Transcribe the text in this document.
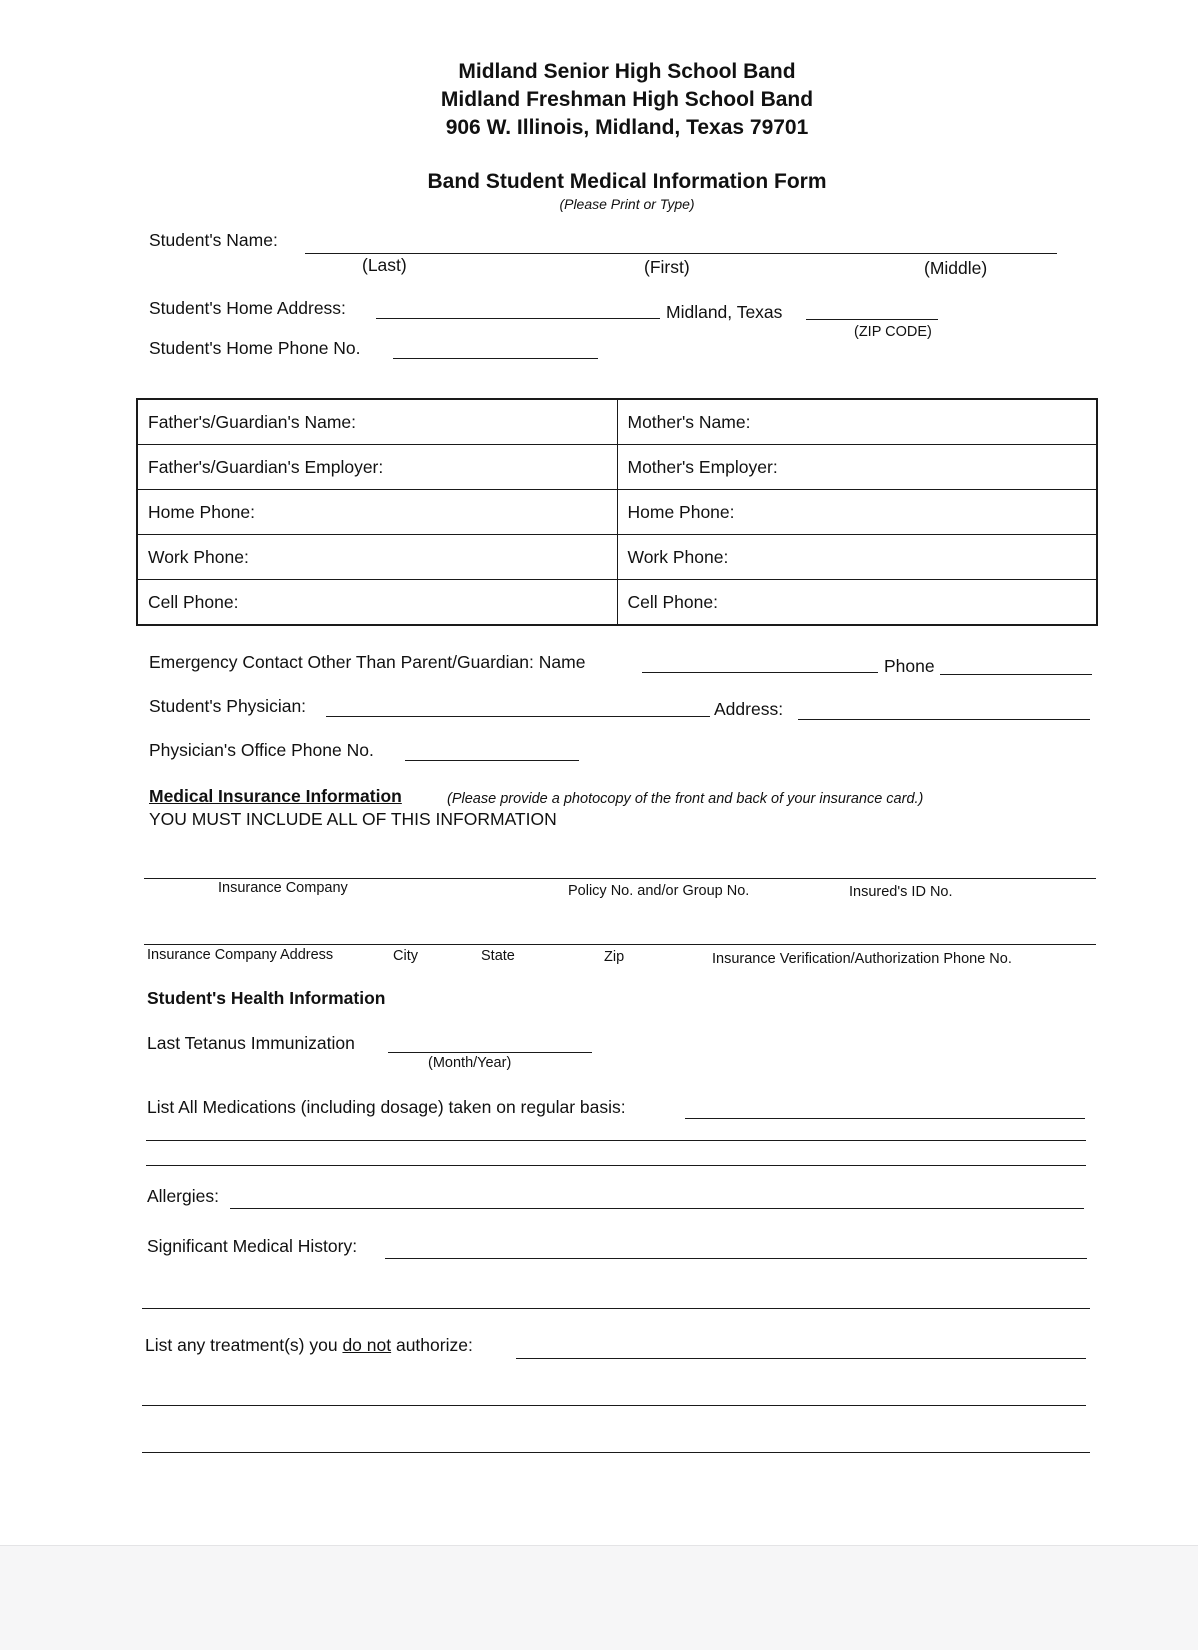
Midland Senior High School Band
Midland Freshman High School Band
906 W. Illinois, Midland, Texas 79701
Band Student Medical Information Form
(Please Print or Type)
Student's Name:
(Last)	(First)	(Middle)
Student's Home Address:	Midland, Texas
(ZIP CODE)
Student's Home Phone No.
Father's/Guardian's Name:	Mother's Name:
Father's/Guardian's Employer:	Mother's Employer:
Home Phone:	Home Phone:
Work Phone:	Work Phone:
Cell Phone:	Cell Phone:
Emergency Contact Other Than Parent/Guardian: Name	Phone
Student's Physician:	Address:
Physician's Office Phone No.
Medical Insurance Information	(Please provide a photocopy of the front and back of your insurance card.)
YOU MUST INCLUDE ALL OF THIS INFORMATION
Insurance Company	Policy No. and/or Group No.	Insured's ID No.
Insurance Company Address	City	State	Zip	Insurance Verification/Authorization Phone No.
Student's Health Information
Last Tetanus Immunization
(Month/Year)
List All Medications (including dosage) taken on regular basis:
Allergies:
Significant Medical History:
List any treatment(s) you do not authorize:
